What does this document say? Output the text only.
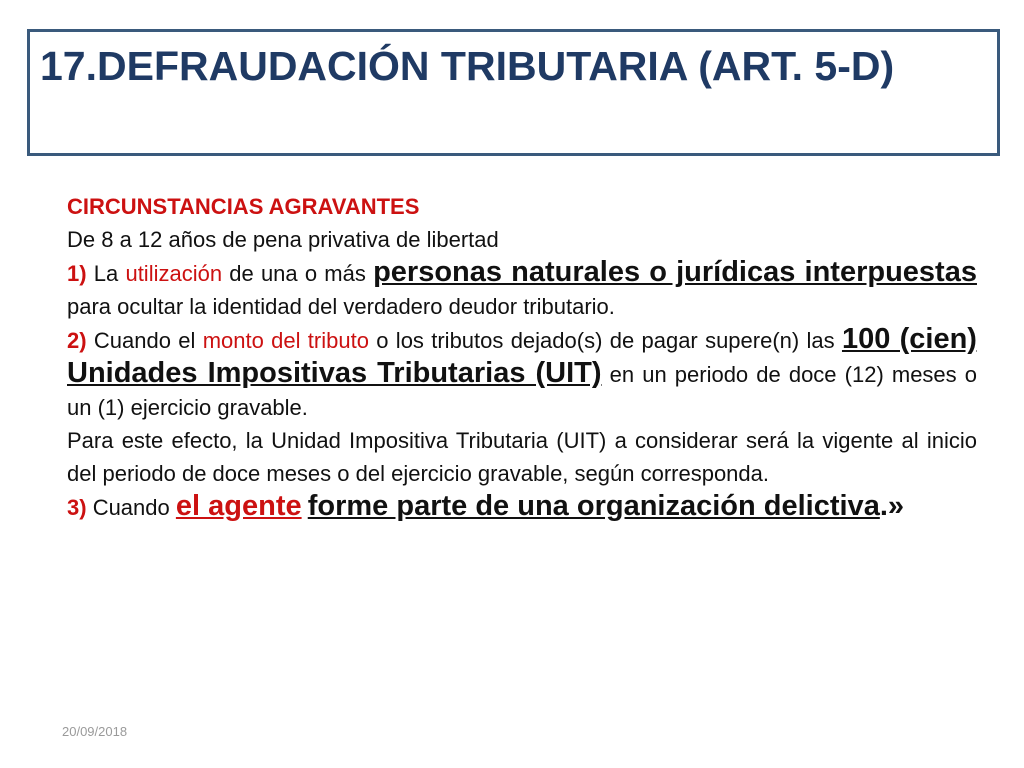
17.DEFRAUDACIÓN TRIBUTARIA (ART. 5-D)

CIRCUNSTANCIAS AGRAVANTES

De 8 a 12 años de pena privativa de libertad

1) La utilización de una o más personas naturales o jurídicas interpuestas para ocultar la identidad del verdadero deudor tributario.

2) Cuando el monto del tributo o los tributos dejado(s) de pagar supere(n) las 100 (cien) Unidades Impositivas Tributarias (UIT) en un periodo de doce (12) meses o un (1) ejercicio gravable.

Para este efecto, la Unidad Impositiva Tributaria (UIT) a considerar será la vigente al inicio del periodo de doce meses o del ejercicio gravable, según corresponda.

3) Cuando el agente forme parte de una organización delictiva.»

20/09/2018
